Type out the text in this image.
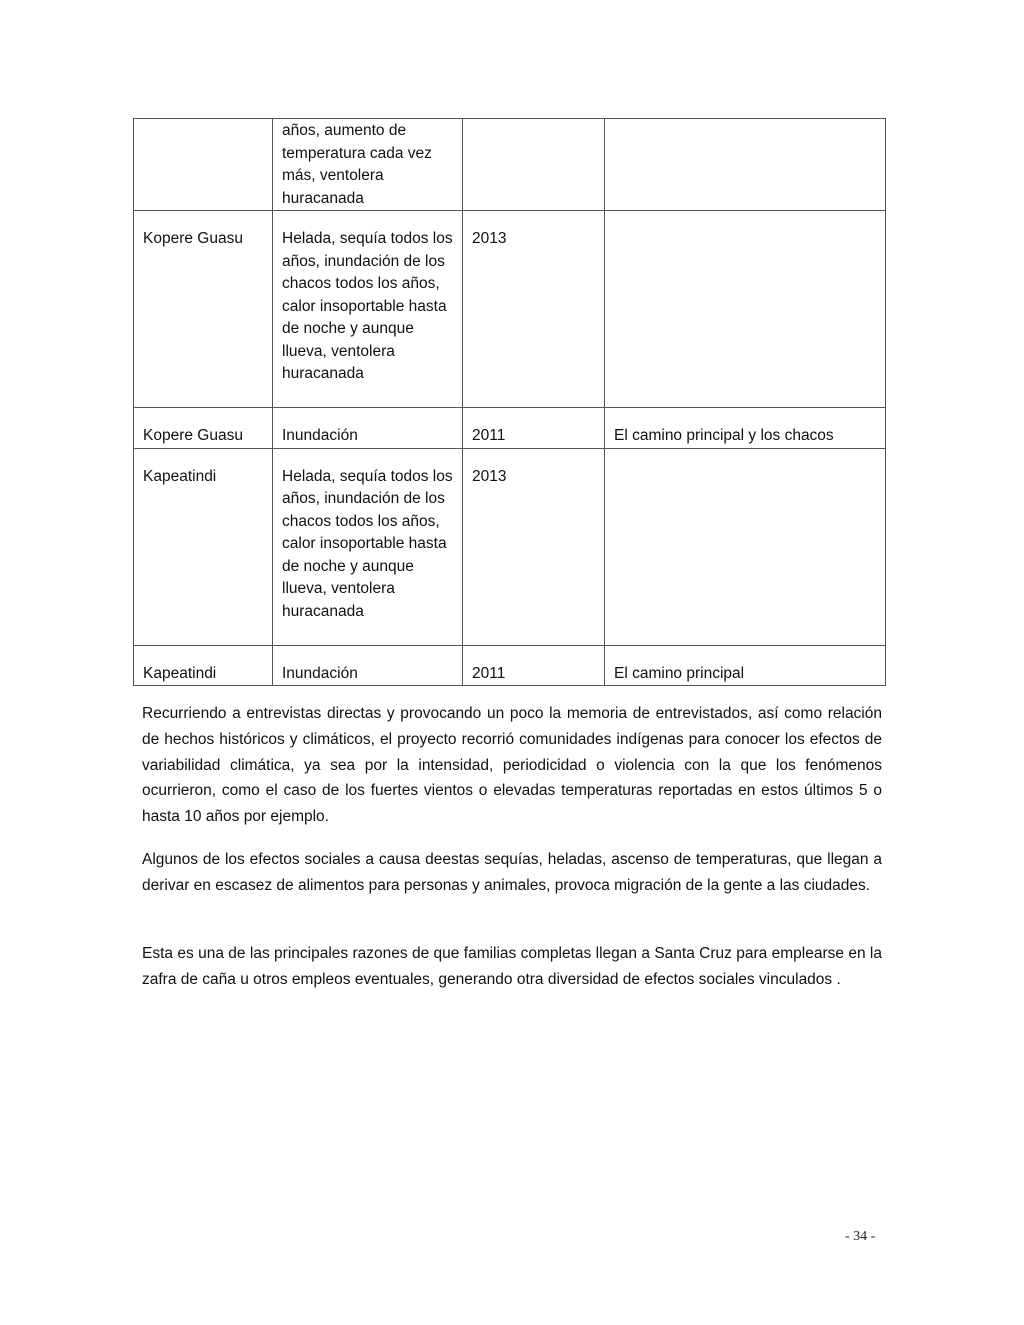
	años, aumento de temperatura cada vez más, ventolera huracanada		
Kopere Guasu	Helada, sequía todos los años, inundación de los chacos todos los años, calor insoportable hasta de noche y aunque llueva, ventolera huracanada	2013	
Kopere Guasu	Inundación	2011	El camino principal y los chacos
Kapeatindi	Helada, sequía todos los años, inundación de los chacos todos los años, calor insoportable hasta de noche y aunque llueva, ventolera huracanada	2013	
Kapeatindi	Inundación	2011	El camino principal

Recurriendo a entrevistas directas y provocando un poco la memoria de entrevistados, así como relación de hechos históricos y climáticos, el proyecto recorrió comunidades indígenas para conocer los efectos de variabilidad climática, ya sea por la intensidad, periodicidad o violencia con la que los fenómenos ocurrieron, como el caso de los fuertes vientos o elevadas temperaturas reportadas en estos últimos 5 o hasta 10 años por ejemplo.

Algunos de los efectos sociales a causa deestas sequías, heladas, ascenso de temperaturas, que llegan a derivar en escasez de alimentos para personas y animales, provoca migración de la gente a las ciudades.

Esta es una de las principales razones de que familias completas llegan a Santa Cruz para emplearse en la zafra de caña u otros empleos eventuales, generando otra diversidad de efectos sociales vinculados .

- 34 -
